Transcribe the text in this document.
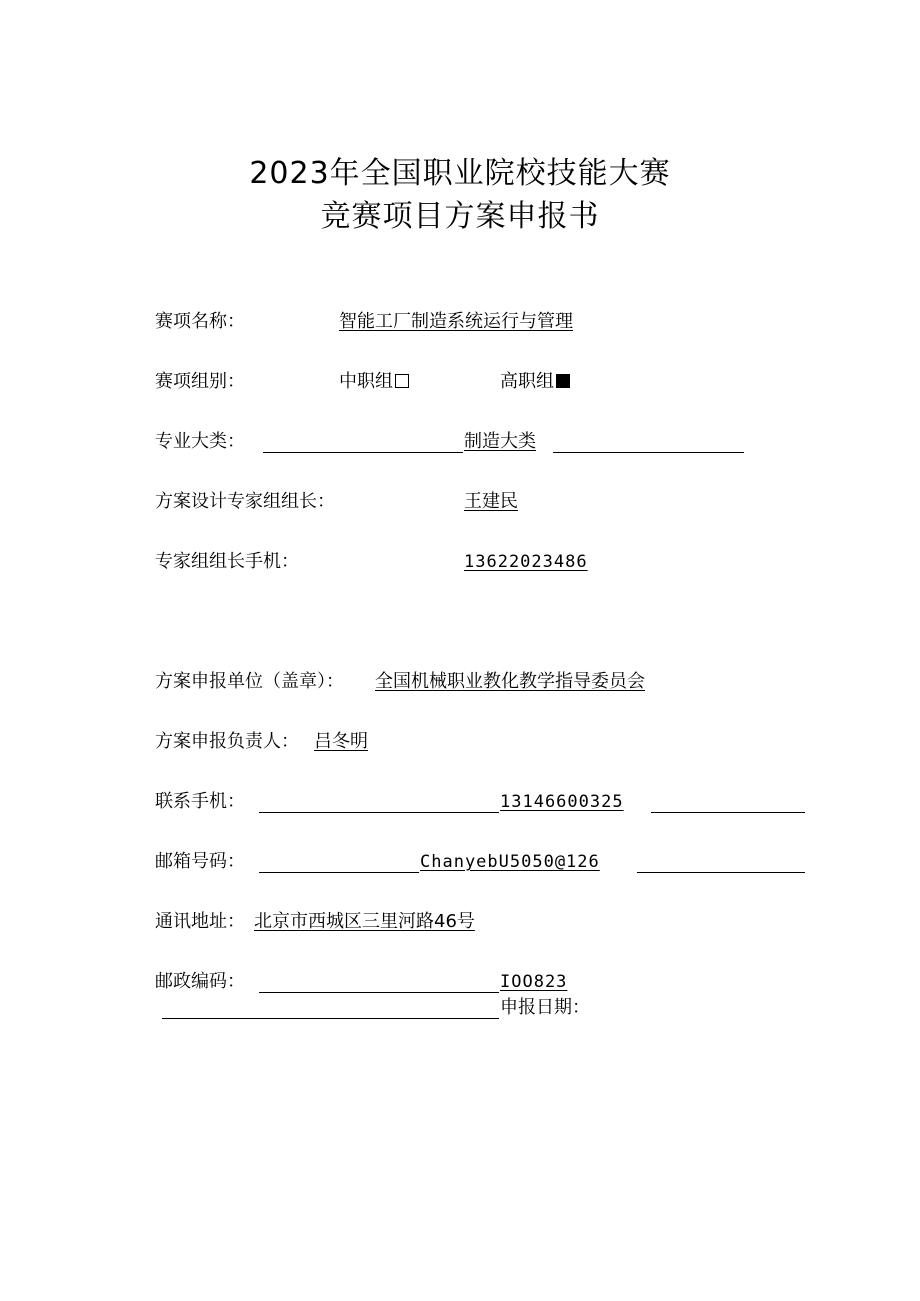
2023年全国职业院校技能大赛
竞赛项目方案申报书
赛项名称：	智能工厂制造系统运行与管理
赛项组别：	中职组	高职组
专业大类：	制造大类
方案设计专家组组长：	王建民
专家组组长手机：	13622023486
方案申报单位（盖章）： 全国机械职业教化教学指导委员会
方案申报负责人： 吕冬明
联系手机：	13146600325
邮箱号码：	ChanyebU5050@126
通讯地址： 北京市西城区三里河路46号
邮政编码：	IOO823
申报日期：
